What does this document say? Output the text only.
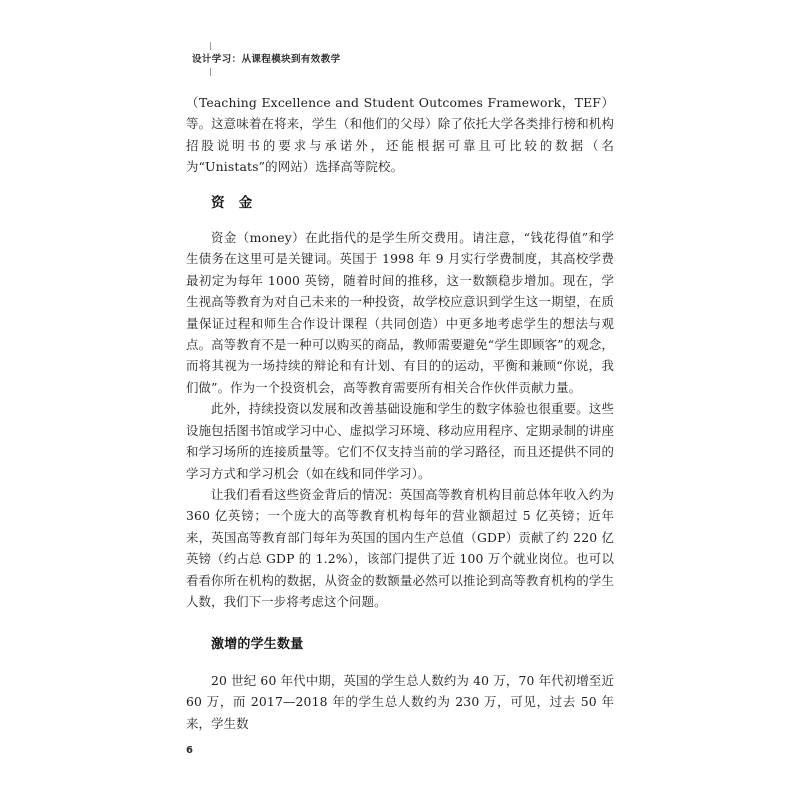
设计学习：从课程模块到有效教学

（Teaching Excellence and Student Outcomes Framework，TEF）等。这意味着在将来，学生（和他们的父母）除了依托大学各类排行榜和机构招股说明书的要求与承诺外，还能根据可靠且可比较的数据（名为“Unistats”的网站）选择高等院校。

资　金

资金（money）在此指代的是学生所交费用。请注意，“钱花得值”和学生债务在这里可是关键词。英国于 1998 年 9 月实行学费制度，其高校学费最初定为每年 1000 英镑，随着时间的推移，这一数额稳步增加。现在，学生视高等教育为对自己未来的一种投资，故学校应意识到学生这一期望，在质量保证过程和师生合作设计课程（共同创造）中更多地考虑学生的想法与观点。高等教育不是一种可以购买的商品，教师需要避免“学生即顾客”的观念，而将其视为一场持续的辩论和有计划、有目的的运动，平衡和兼顾“你说，我们做”。作为一个投资机会，高等教育需要所有相关合作伙伴贡献力量。

此外，持续投资以发展和改善基础设施和学生的数字体验也很重要。这些设施包括图书馆或学习中心、虚拟学习环境、移动应用程序、定期录制的讲座和学习场所的连接质量等。它们不仅支持当前的学习路径，而且还提供不同的学习方式和学习机会（如在线和同伴学习）。

让我们看看这些资金背后的情况：英国高等教育机构目前总体年收入约为 360 亿英镑；一个庞大的高等教育机构每年的营业额超过 5 亿英镑；近年来，英国高等教育部门每年为英国的国内生产总值（GDP）贡献了约 220 亿英镑（约占总 GDP 的 1.2%），该部门提供了近 100 万个就业岗位。也可以看看你所在机构的数据，从资金的数额量必然可以推论到高等教育机构的学生人数，我们下一步将考虑这个问题。

激增的学生数量

20 世纪 60 年代中期，英国的学生总人数约为 40 万，70 年代初增至近 60 万，而 2017—2018 年的学生总人数约为 230 万，可见，过去 50 年来，学生数

6
